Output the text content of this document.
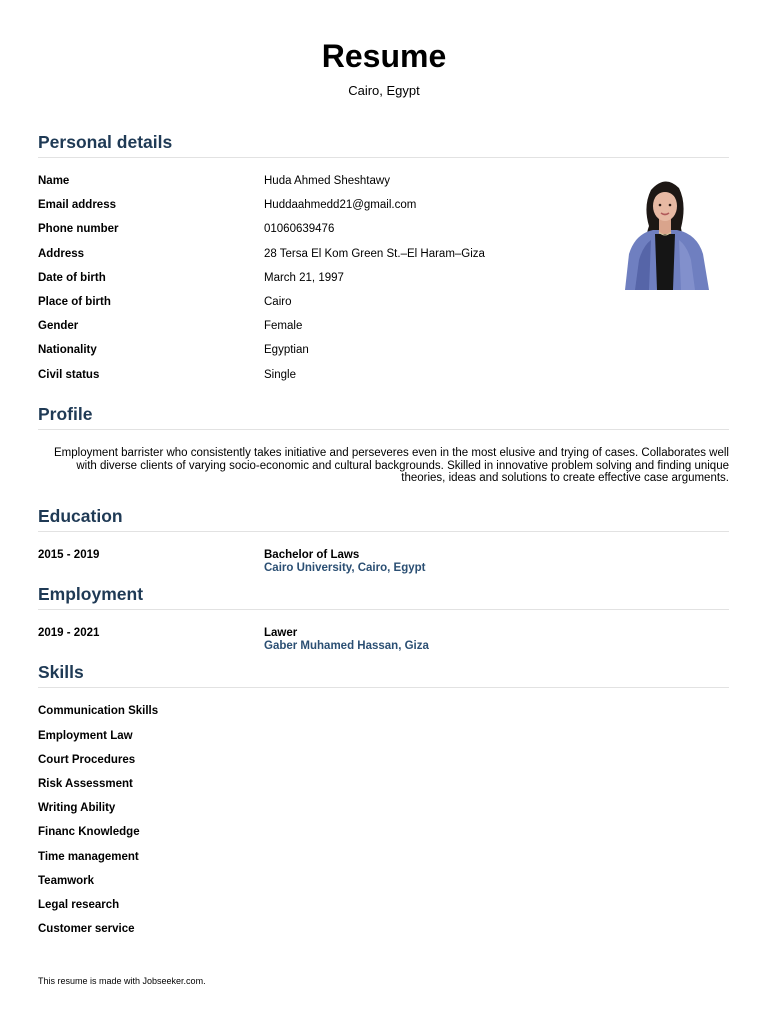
Resume
Cairo, Egypt
Personal details
Name	Huda Ahmed Sheshtawy
Email address	Huddaahmedd21@gmail.com
Phone number	01060639476
Address	28 Tersa El Kom Green St.–El Haram–Giza
Date of birth	March 21, 1997
Place of birth	Cairo
Gender	Female
Nationality	Egyptian
Civil status	Single
Profile
Employment barrister who consistently takes initiative and perseveres even in the most elusive and trying of cases. Collaborates well with diverse clients of varying socio-economic and cultural backgrounds. Skilled in innovative problem solving and finding unique theories, ideas and solutions to create effective case arguments.
Education
2015 - 2019	Bachelor of Laws
Cairo University, Cairo, Egypt
Employment
2019 - 2021	Lawer
Gaber Muhamed Hassan, Giza
Skills
Communication Skills
Employment Law
Court Procedures
Risk Assessment
Writing Ability
Financ Knowledge
Time management
Teamwork
Legal research
Customer service
This resume is made with Jobseeker.com.
